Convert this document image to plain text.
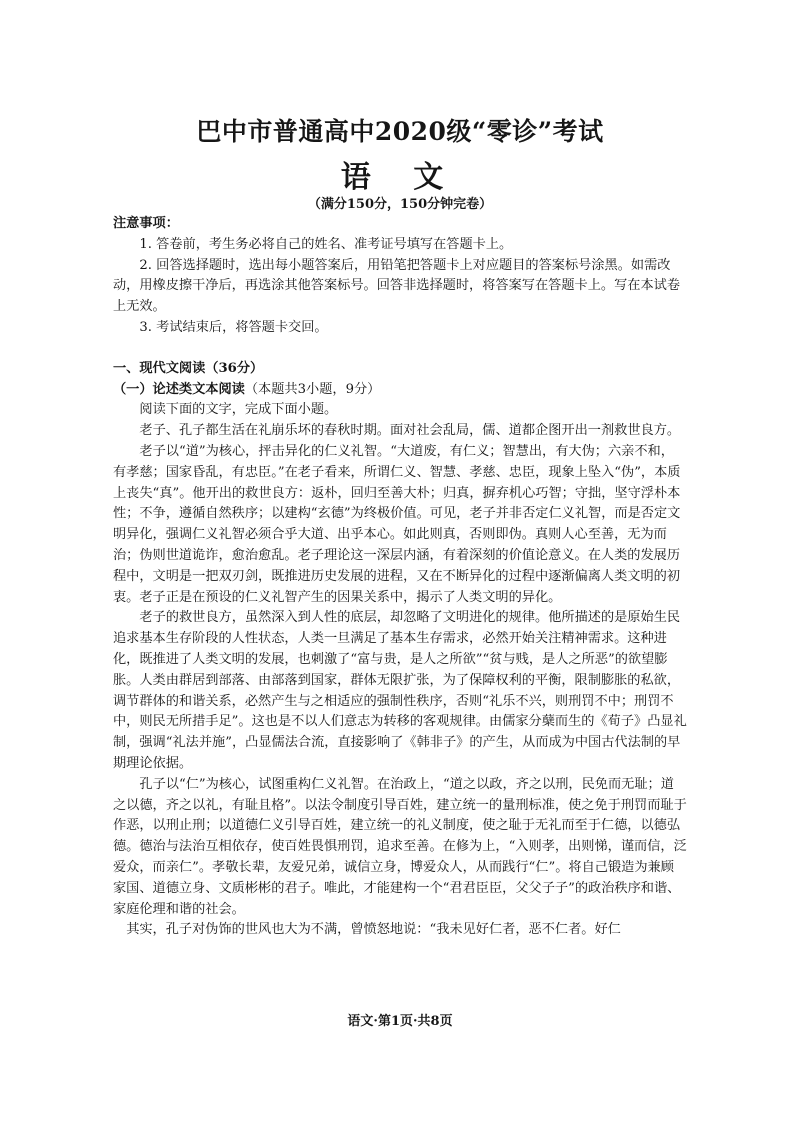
巴中市普通高中2020级“零诊”考试
语 文
（满分150分，150分钟完卷）

注意事项：

1. 答卷前，考生务必将自己的姓名、准考证号填写在答题卡上。

2. 回答选择题时，选出每小题答案后，用铅笔把答题卡上对应题目的答案标号涂黑。如需改动，用橡皮擦干净后，再选涂其他答案标号。回答非选择题时，将答案写在答题卡上。写在本试卷上无效。

3. 考试结束后，将答题卡交回。

一、现代文阅读（36分）

（一）论述类文本阅读（本题共3小题，9分）

阅读下面的文字，完成下面小题。

老子、孔子都生活在礼崩乐坏的春秋时期。面对社会乱局，儒、道都企图开出一剂救世良方。

老子以“道”为核心，抨击异化的仁义礼智。“大道废，有仁义；智慧出，有大伪；六亲不和，有孝慈；国家昏乱，有忠臣。”在老子看来，所谓仁义、智慧、孝慈、忠臣，现象上坠入“伪”，本质上丧失“真”。他开出的救世良方：返朴，回归至善大朴；归真，摒弃机心巧智；守拙，坚守浮朴本性；不争，遵循自然秩序；以建构“玄德”为终极价值。可见，老子并非否定仁义礼智，而是否定文明异化，强调仁义礼智必须合乎大道、出乎本心。如此则真，否则即伪。真则人心至善，无为而治；伪则世道诡诈，愈治愈乱。老子理论这一深层内涵，有着深刻的价值论意义。在人类的发展历程中，文明是一把双刃剑，既推进历史发展的进程，又在不断异化的过程中逐渐偏离人类文明的初衷。老子正是在预设的仁义礼智产生的因果关系中，揭示了人类文明的异化。

老子的救世良方，虽然深入到人性的底层，却忽略了文明进化的规律。他所描述的是原始生民追求基本生存阶段的人性状态，人类一旦满足了基本生存需求，必然开始关注精神需求。这种进化，既推进了人类文明的发展，也刺激了“富与贵，是人之所欲”“贫与贱，是人之所恶”的欲望膨胀。人类由群居到部落、由部落到国家，群体无限扩张，为了保障权利的平衡，限制膨胀的私欲，调节群体的和谐关系，必然产生与之相适应的强制性秩序，否则“礼乐不兴，则刑罚不中；刑罚不中，则民无所措手足”。这也是不以人们意志为转移的客观规律。由儒家分蘖而生的《荀子》凸显礼制，强调“礼法并施”，凸显儒法合流，直接影响了《韩非子》的产生，从而成为中国古代法制的早期理论依据。

孔子以“仁”为核心，试图重构仁义礼智。在治政上，“道之以政，齐之以刑，民免而无耻；道之以德，齐之以礼，有耻且格”。以法令制度引导百姓，建立统一的量刑标准，使之免于刑罚而耻于作恶，以刑止刑；以道德仁义引导百姓，建立统一的礼义制度，使之耻于无礼而至于仁德，以德弘德。德治与法治互相依存，使百姓畏惧刑罚，追求至善。在修为上，“入则孝，出则悌，谨而信，泛爱众，而亲仁”。孝敬长辈，友爱兄弟，诚信立身，博爱众人，从而践行“仁”。将自己锻造为兼顾家国、道德立身、文质彬彬的君子。唯此，才能建构一个“君君臣臣，父父子子”的政治秩序和谐、家庭伦理和谐的社会。

其实，孔子对伪饰的世风也大为不满，曾愤怒地说：“我未见好仁者，恶不仁者。好仁

语文·第1页·共8页
